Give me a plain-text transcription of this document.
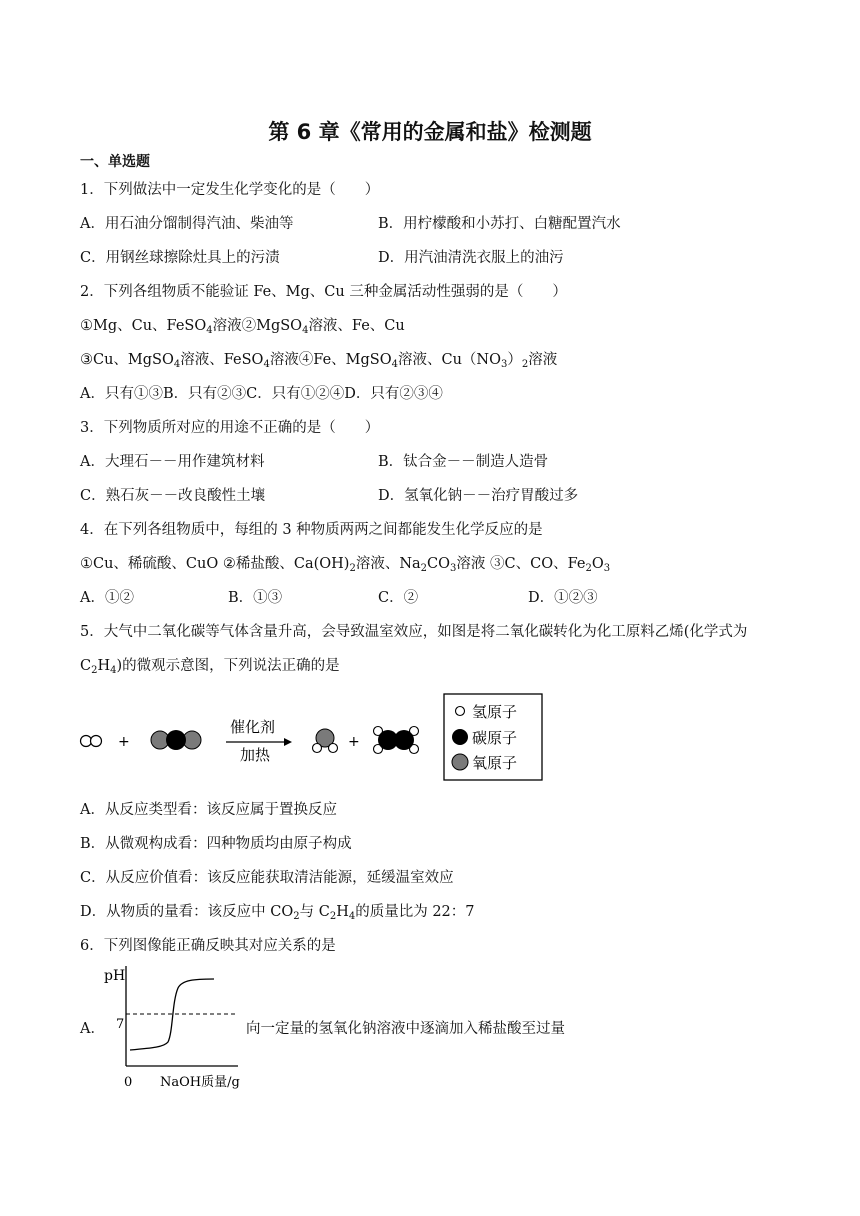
第 6 章《常用的金属和盐》检测题
一、单选题
1．下列做法中一定发生化学变化的是（　　）
A．用石油分馏制得汽油、柴油等	B．用柠檬酸和小苏打、白糖配置汽水
C．用钢丝球擦除灶具上的污渍	D．用汽油清洗衣服上的油污
2．下列各组物质不能验证 Fe、Mg、Cu 三种金属活动性强弱的是（　　）
①Mg、Cu、FeSO$_4$溶液②MgSO$_4$溶液、Fe、Cu
③Cu、MgSO$_4$溶液、FeSO$_4$溶液④Fe、MgSO$_4$溶液、$Cu(NO_3)_2$溶液
A．只有①③B．只有②③C．只有①②④D．只有②③④
3．下列物质所对应的用途不正确的是（　　）
A．大理石－－用作建筑材料	B．钛合金－－制造人造骨
C．熟石灰－－改良酸性土壤	D．氢氧化钠－－治疗胃酸过多
4．在下列各组物质中，每组的 3 种物质两两之间都能发生化学反应的是
①Cu、稀硫酸、CuO ②稀盐酸、$Ca(OH)_2$溶液、$Na_2CO_3$溶液 ③C、CO、$Fe_2O_3$
A．①②	B．①③	C．②	D．①②③
5．大气中二氧化碳等气体含量升高，会导致温室效应，如图是将二氧化碳转化为化工原料乙烯(化学式为
$C_2H_4$)的微观示意图，下列说法正确的是
+
催化剂
加热
+
氢原子
碳原子
氧原子
A．从反应类型看：该反应属于置换反应
B．从微观构成看：四种物质均由原子构成
C．从反应价值看：该反应能获取清洁能源，延缓温室效应
D．从物质的量看：该反应中 $CO_2$与 $C_2H_4$的质量比为 22：7
6．下列图像能正确反映其对应关系的是
A．
pH
7
0 NaOH质量/g
向一定量的氢氧化钠溶液中逐滴加入稀盐酸至过量
